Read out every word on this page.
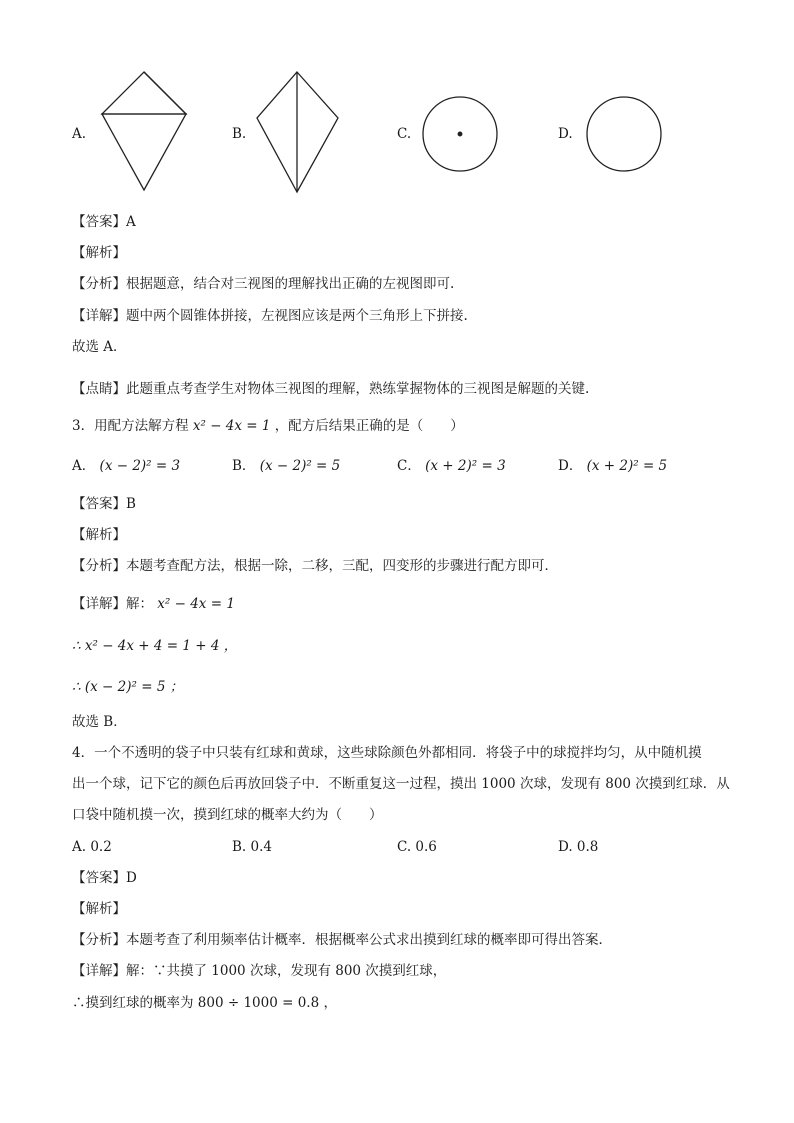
A.	B.	C.	D.
【答案】A
【解析】
【分析】根据题意，结合对三视图的理解找出正确的左视图即可.
【详解】题中两个圆锥体拼接，左视图应该是两个三角形上下拼接.
故选 A．
【点睛】此题重点考查学生对物体三视图的理解，熟练掌握物体的三视图是解题的关键.
3．用配方法解方程 x² − 4x = 1 ，配方后结果正确的是（　　）
A． (x − 2)² = 3	B． (x − 2)² = 5	C． (x + 2)² = 3	D． (x + 2)² = 5
【答案】B
【解析】
【分析】本题考查配方法，根据一除，二移，三配，四变形的步骤进行配方即可．
【详解】解： x² − 4x = 1
∴ x² − 4x + 4 = 1 + 4 ，
∴ (x − 2)² = 5 ；
故选 B．
4．一个不透明的袋子中只装有红球和黄球，这些球除颜色外都相同．将袋子中的球搅拌均匀，从中随机摸
出一个球，记下它的颜色后再放回袋子中．不断重复这一过程，摸出 1000 次球，发现有 800 次摸到红球．从
口袋中随机摸一次，摸到红球的概率大约为（　　）
A. 0.2	B. 0.4	C. 0.6	D. 0.8
【答案】D
【解析】
【分析】本题考查了利用频率估计概率．根据概率公式求出摸到红球的概率即可得出答案．
【详解】解：∵共摸了 1000 次球，发现有 800 次摸到红球，
∴摸到红球的概率为 800 ÷ 1000 = 0.8 ，
